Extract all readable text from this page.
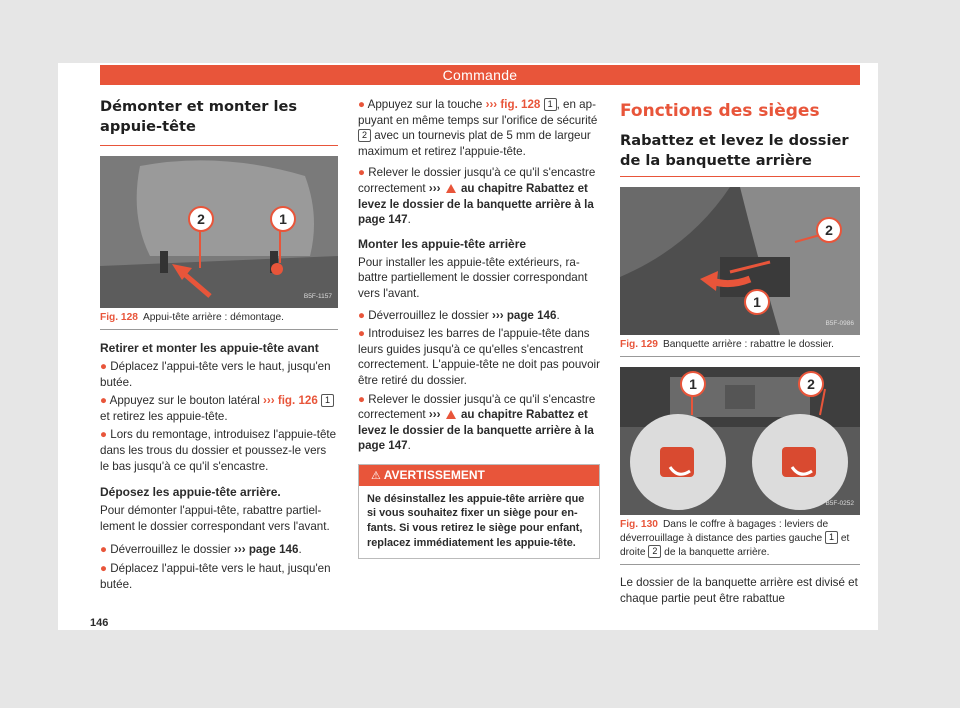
Commande
Démonter et monter les appuie-tête
2	1
B5F-1157
Fig. 128 Appui-tête arrière : démontage.
Retirer et monter les appuie-tête avant

● Déplacez l'appui-tête vers le haut, jusqu'en butée.

● Appuyez sur le bouton latéral ››› fig. 126 1
et retirez les appuie-tête.

● Lors du remontage, introduisez l'appuie-tête dans les trous du dossier et poussez-le vers le bas jusqu'à ce qu'il s'encastre.

Déposez les appuie-tête arrière.

Pour démonter l'appui-tête, rabattre partiellement le dossier correspondant vers l'avant.

● Déverrouillez le dossier ››› page 146.

● Déplacez l'appui-tête vers le haut, jusqu'en butée.

● Appuyez sur la touche ››› fig. 128 1 , en appuyant en même temps sur l'orifice de sécurité 2 avec un tournevis plat de 5 mm de largeur maximum et retirez l'appuie-tête.

● Relever le dossier jusqu'à ce qu'il s'encastre correctement ››› au chapitre Rabattez et levez le dossier de la banquette arrière à la page 147.

Monter les appuie-tête arrière

Pour installer les appuie-tête extérieurs, rabattre partiellement le dossier correspondant vers l'avant.

● Déverrouillez le dossier ››› page 146.

● Introduisez les barres de l'appuie-tête dans leurs guides jusqu'à ce qu'elles s'encastrent correctement. L'appuie-tête ne doit pas pouvoir être retiré du dossier.

● Relever le dossier jusqu'à ce qu'il s'encastre correctement ››› au chapitre Rabattez et levez le dossier de la banquette arrière à la page 147.

⚠ AVERTISSEMENT
Ne désinstallez les appuie-tête arrière que si vous souhaitez fixer un siège pour enfants. Si vous retirez le siège pour enfant, replacez immédiatement les appuie-tête.
Fonctions des sièges
Rabattez et levez le dossier de la banquette arrière
2
1
B5F-0986
Fig. 129 Banquette arrière : rabattre le dossier.
1	2
B5F-0252
Fig. 130 Dans le coffre à bagages : leviers de déverrouillage à distance des parties gauche 1 et droite 2 de la banquette arrière.

Le dossier de la banquette arrière est divisé et chaque partie peut être rabattue

146
